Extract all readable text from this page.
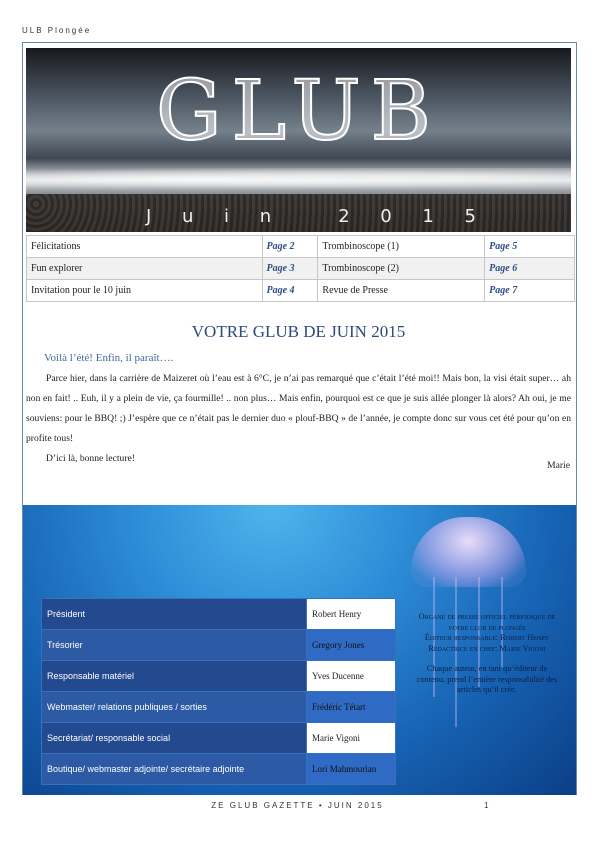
ULB Plongée
GLUB
J u i n
	2 0 1 5
Félicitations	Page 2	Trombinoscope (1)	Page 5
Fun explorer	Page 3	Trombinoscope (2)	Page 6
Invitation pour le 10 juin	Page 4	Revue de Presse	Page 7
VOTRE GLUB DE JUIN 2015
Voilà l’été! Enfin, il paraît….

Parce hier, dans la carrière de Maizeret où l’eau est à 6°C, je n’ai pas remarqué que c’était l’été moi!! Mais bon, la visi était super… ah non en fait! .. Euh, il y a plein de vie, ça fourmille! .. non plus… Mais enfin, pourquoi est ce que je suis allée plonger là alors? Ah oui, je me souviens: pour le BBQ! ;) J’espère que ce n’était pas le dernier duo « plouf-BBQ » de l’année, je compte donc sur vous cet été pour qu’on en profite tous!

D’ici là, bonne lecture!

Marie
Président	Robert Henry
Trésorier	Gregory Jones
Responsable matériel	Yves Ducenne
Webmaster/ relations publiques / sorties	Frédéric Tétart
Secrétariat/ responsable social	Marie Vigoni
Boutique/ webmaster adjointe/ secrétaire adjointe	Lori Mahmourian
Organe de presse officiel périodique de votre club de plongée
Éditeur responsable: Robert Henry
Rédactrice en chef: Marie Vigoni
Chaque auteur, en tant qu’éditeur de contenu, prend l’entière responsabilité des articles qu’il crée.
ZE GLUB GAZETTE • JUIN 2015	1
